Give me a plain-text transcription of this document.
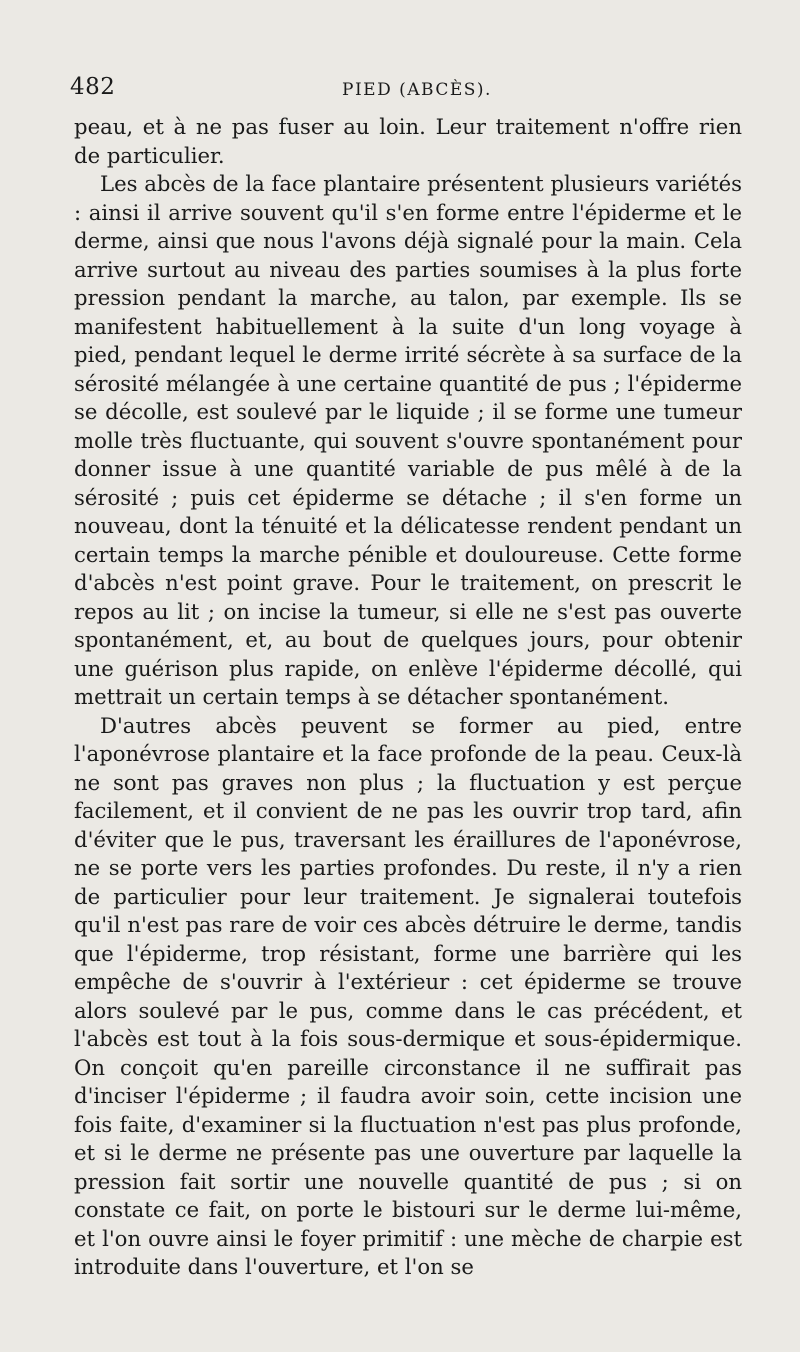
482	PIED (ABCÈS).

peau, et à ne pas fuser au loin. Leur traitement n'offre rien de particulier.

Les abcès de la face plantaire présentent plusieurs variétés : ainsi il arrive souvent qu'il s'en forme entre l'épiderme et le derme, ainsi que nous l'avons déjà signalé pour la main. Cela arrive surtout au niveau des parties soumises à la plus forte pression pendant la marche, au talon, par exemple. Ils se manifestent habituellement à la suite d'un long voyage à pied, pendant lequel le derme irrité sécrète à sa surface de la sérosité mélangée à une certaine quantité de pus ; l'épiderme se décolle, est soulevé par le liquide ; il se forme une tumeur molle très fluctuante, qui souvent s'ouvre spontanément pour donner issue à une quantité variable de pus mêlé à de la sérosité ; puis cet épiderme se détache ; il s'en forme un nouveau, dont la ténuité et la délicatesse rendent pendant un certain temps la marche pénible et douloureuse. Cette forme d'abcès n'est point grave. Pour le traitement, on prescrit le repos au lit ; on incise la tumeur, si elle ne s'est pas ouverte spontanément, et, au bout de quelques jours, pour obtenir une guérison plus rapide, on enlève l'épiderme décollé, qui mettrait un certain temps à se détacher spontanément.

D'autres abcès peuvent se former au pied, entre l'aponévrose plantaire et la face profonde de la peau. Ceux-là ne sont pas graves non plus ; la fluctuation y est perçue facilement, et il convient de ne pas les ouvrir trop tard, afin d'éviter que le pus, traversant les éraillures de l'aponévrose, ne se porte vers les parties profondes. Du reste, il n'y a rien de particulier pour leur traitement. Je signalerai toutefois qu'il n'est pas rare de voir ces abcès détruire le derme, tandis que l'épiderme, trop résistant, forme une barrière qui les empêche de s'ouvrir à l'extérieur : cet épiderme se trouve alors soulevé par le pus, comme dans le cas précédent, et l'abcès est tout à la fois sous-dermique et sous-épidermique. On conçoit qu'en pareille circonstance il ne suffirait pas d'inciser l'épiderme ; il faudra avoir soin, cette incision une fois faite, d'examiner si la fluctuation n'est pas plus profonde, et si le derme ne présente pas une ouverture par laquelle la pression fait sortir une nouvelle quantité de pus ; si on constate ce fait, on porte le bistouri sur le derme lui-même, et l'on ouvre ainsi le foyer primitif : une mèche de charpie est introduite dans l'ouverture, et l'on se
